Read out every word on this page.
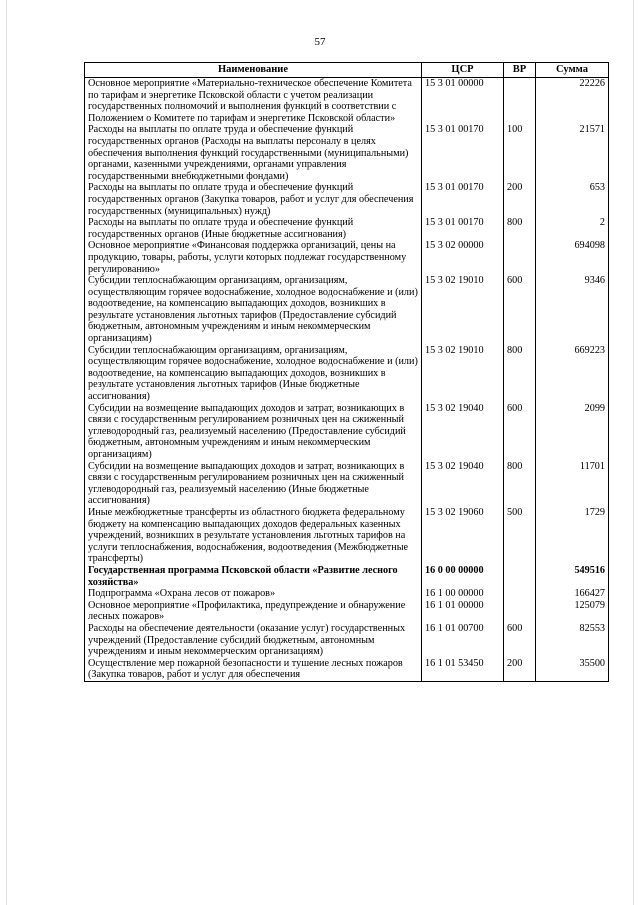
57
Наименование	ЦСР	ВР	Сумма
Основное мероприятие «Материально-техническое обеспечение Комитета по тарифам и энергетике Псковской области с учетом реализации государственных полномочий и выполнения функций в соответствии с Положением о Комитете по тарифам и энергетике Псковской области»	15 3 01 00000		22226
Расходы на выплаты по оплате труда и обеспечение функций государственных органов (Расходы на выплаты персоналу в целях обеспечения выполнения функций государственными (муниципальными) органами, казенными учреждениями, органами управления государственными внебюджетными фондами)	15 3 01 00170	100	21571
Расходы на выплаты по оплате труда и обеспечение функций государственных органов (Закупка товаров, работ и услуг для обеспечения государственных (муниципальных) нужд)	15 3 01 00170	200	653
Расходы на выплаты по оплате труда и обеспечение функций государственных органов (Иные бюджетные ассигнования)	15 3 01 00170	800	2
Основное мероприятие «Финансовая поддержка организаций, цены на продукцию, товары, работы, услуги которых подлежат государственному регулированию»	15 3 02 00000		694098
Субсидии теплоснабжающим организациям, организациям, осуществляющим горячее водоснабжение, холодное водоснабжение и (или) водоотведение, на компенсацию выпадающих доходов, возникших в результате установления льготных тарифов (Предоставление субсидий бюджетным, автономным учреждениям и иным некоммерческим организациям)	15 3 02 19010	600	9346
Субсидии теплоснабжающим организациям, организациям, осуществляющим горячее водоснабжение, холодное водоснабжение и (или) водоотведение, на компенсацию выпадающих доходов, возникших в результате установления льготных тарифов (Иные бюджетные ассигнования)	15 3 02 19010	800	669223
Субсидии на возмещение выпадающих доходов и затрат, возникающих в связи с государственным регулированием розничных цен на сжиженный углеводородный газ, реализуемый населению (Предоставление субсидий бюджетным, автономным учреждениям и иным некоммерческим организациям)	15 3 02 19040	600	2099
Субсидии на возмещение выпадающих доходов и затрат, возникающих в связи с государственным регулированием розничных цен на сжиженный углеводородный газ, реализуемый населению (Иные бюджетные ассигнования)	15 3 02 19040	800	11701
Иные межбюджетные трансферты из областного бюджета федеральному бюджету на компенсацию выпадающих доходов федеральных казенных учреждений, возникших в результате установления льготных тарифов на услуги теплоснабжения, водоснабжения, водоотведения (Межбюджетные трансферты)	15 3 02 19060	500	1729
Государственная программа Псковской области «Развитие лесного хозяйства»	16 0 00 00000		549516
Подпрограмма «Охрана лесов от пожаров»	16 1 00 00000		166427
Основное мероприятие «Профилактика, предупреждение и обнаружение лесных пожаров»	16 1 01 00000		125079
Расходы на обеспечение деятельности (оказание услуг) государственных учреждений (Предоставление субсидий бюджетным, автономным учреждениям и иным некоммерческим организациям)	16 1 01 00700	600	82553
Осуществление мер пожарной безопасности и тушение лесных пожаров (Закупка товаров, работ и услуг для обеспечения	16 1 01 53450	200	35500
